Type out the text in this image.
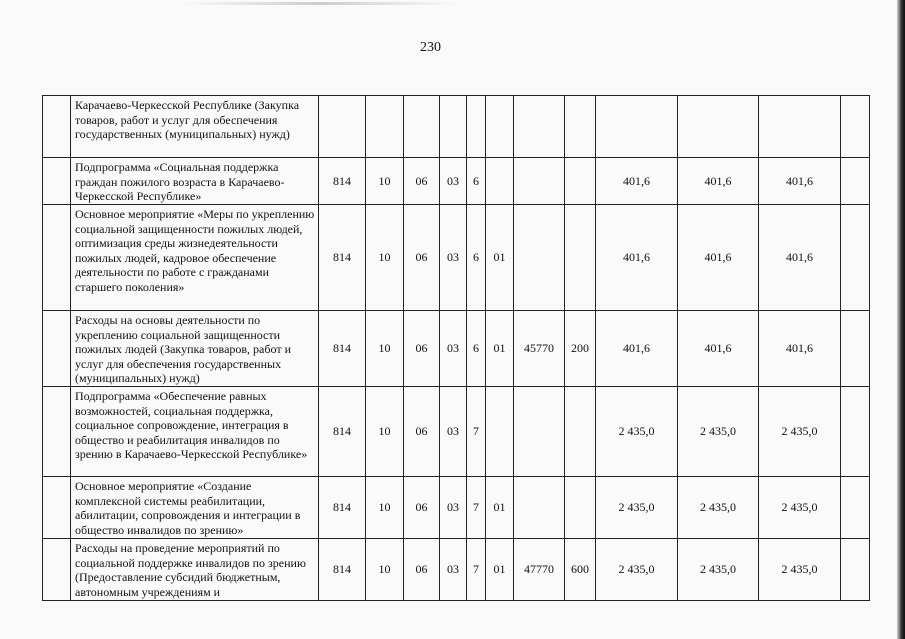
230
	Карачаево-Черкесской Республике (Закупка товаров, работ и услуг для обеспечения государственных (муниципальных) нужд)												
	Подпрограмма «Социальная поддержка граждан пожилого возраста в Карачаево-Черкесской Республике»	814	10	06	03	6				401,6	401,6	401,6	
	Основное мероприятие «Меры по укреплению социальной защищенности пожилых людей, оптимизация среды жизнедеятельности пожилых людей, кадровое обеспечение деятельности по работе с гражданами старшего поколения»	814	10	06	03	6	01			401,6	401,6	401,6	
	Расходы на основы деятельности по укреплению социальной защищенности пожилых людей (Закупка товаров, работ и услуг для обеспечения государственных (муниципальных) нужд)	814	10	06	03	6	01	45770	200	401,6	401,6	401,6	
	Подпрограмма «Обеспечение равных возможностей, социальная поддержка, социальное сопровождение, интеграция в общество и реабилитация инвалидов по зрению в Карачаево-Черкесской Республике»	814	10	06	03	7				2 435,0	2 435,0	2 435,0	
	Основное мероприятие «Создание комплексной системы реабилитации, абилитации, сопровождения и интеграции в общество инвалидов по зрению»	814	10	06	03	7	01			2 435,0	2 435,0	2 435,0	
	Расходы на проведение мероприятий по социальной поддержке инвалидов по зрению (Предоставление субсидий бюджетным, автономным учреждениям и	814	10	06	03	7	01	47770	600	2 435,0	2 435,0	2 435,0	
